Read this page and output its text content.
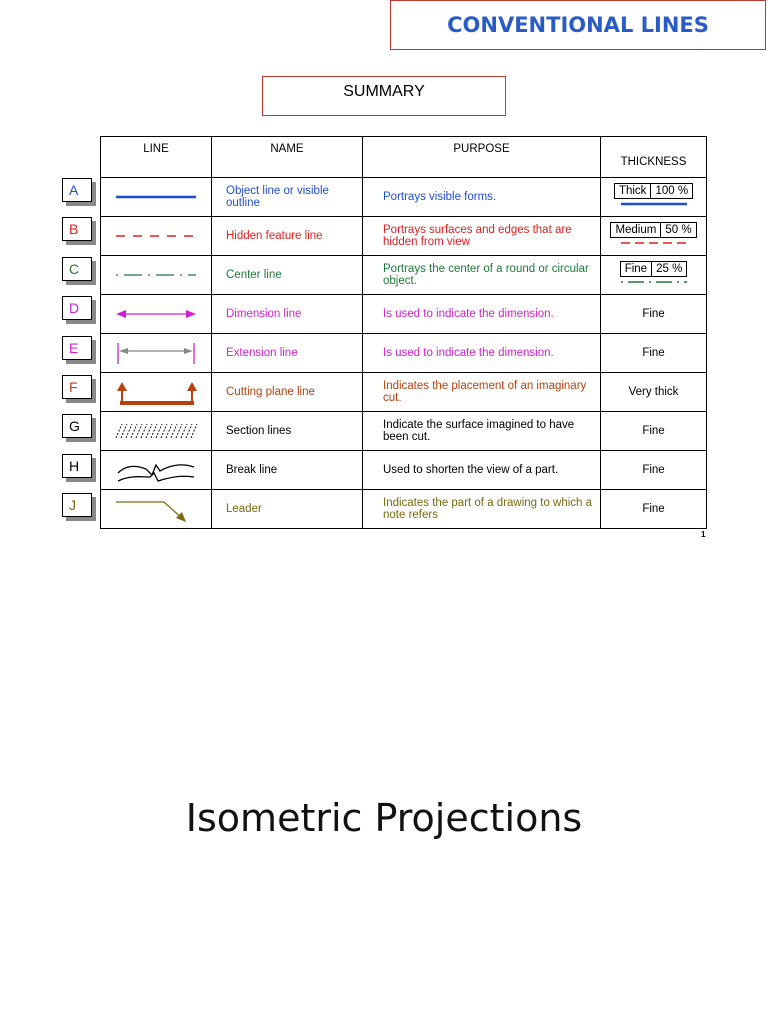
CONVENTIONAL LINES
SUMMARY
A
B
C
D
E
F
G
H
J
LINE	NAME	PURPOSE	THICKNESS

	Object line or visible outline	Portrays visible forms.	Thick 100 %

	Hidden feature line	Portrays surfaces and edges that are hidden from view	Medium 50 %

	Center line	Portrays the center of a round or circular object.	Fine 25 %

	Dimension line	Is used to indicate the dimension.	Fine

	Extension line	Is used to indicate the dimension.	Fine

	Cutting plane line	Indicates the placement of an imaginary cut.	Very thick

	Section lines	Indicate the surface imagined to have been cut.	Fine

	Break line	Used to shorten the view of a part.	Fine

	Leader	Indicates the part of a drawing to which a note refers	Fine
1
Isometric Projections
